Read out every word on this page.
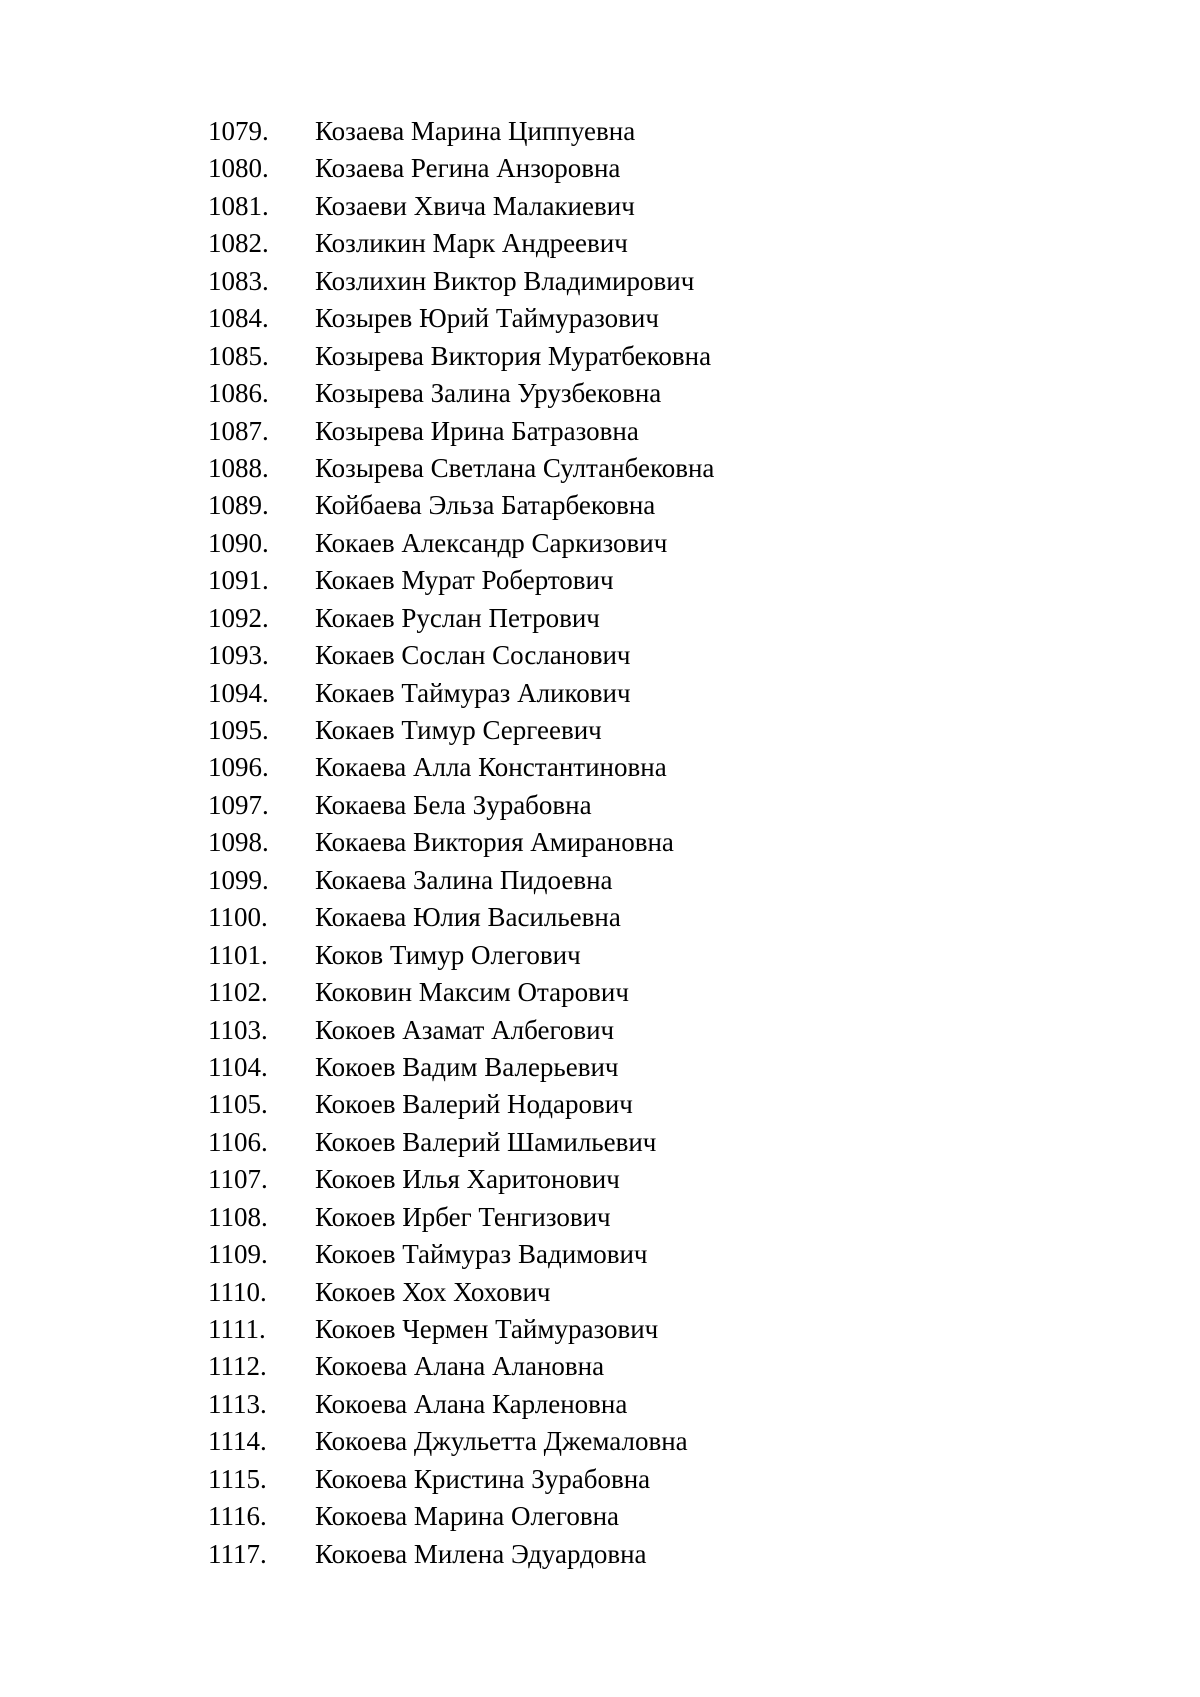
1079. Козаева Марина Циппуевна
1080. Козаева Регина Анзоровна
1081. Козаеви Хвича Малакиевич
1082. Козликин Марк Андреевич
1083. Козлихин Виктор Владимирович
1084. Козырев Юрий Таймуразович
1085. Козырева Виктория Муратбековна
1086. Козырева Залина Урузбековна
1087. Козырева Ирина Батразовна
1088. Козырева Светлана Султанбековна
1089. Койбаева Эльза Батарбековна
1090. Кокаев Александр Саркизович
1091. Кокаев Мурат Робертович
1092. Кокаев Руслан Петрович
1093. Кокаев Сослан Сосланович
1094. Кокаев Таймураз Аликович
1095. Кокаев Тимур Сергеевич
1096. Кокаева Алла Константиновна
1097. Кокаева Бела Зурабовна
1098. Кокаева Виктория Амирановна
1099. Кокаева Залина Пидоевна
1100. Кокаева Юлия Васильевна
1101. Коков Тимур Олегович
1102. Коковин Максим Отарович
1103. Кокоев Азамат Албегович
1104. Кокоев Вадим Валерьевич
1105. Кокоев Валерий Нодарович
1106. Кокоев Валерий Шамильевич
1107. Кокоев Илья Харитонович
1108. Кокоев Ирбег Тенгизович
1109. Кокоев Таймураз Вадимович
1110. Кокоев Хох Хохович
1111. Кокоев Чермен Таймуразович
1112. Кокоева Алана Алановна
1113. Кокоева Алана Карленовна
1114. Кокоева Джульетта Джемаловна
1115. Кокоева Кристина Зурабовна
1116. Кокоева Марина Олеговна
1117. Кокоева Милена Эдуардовна
